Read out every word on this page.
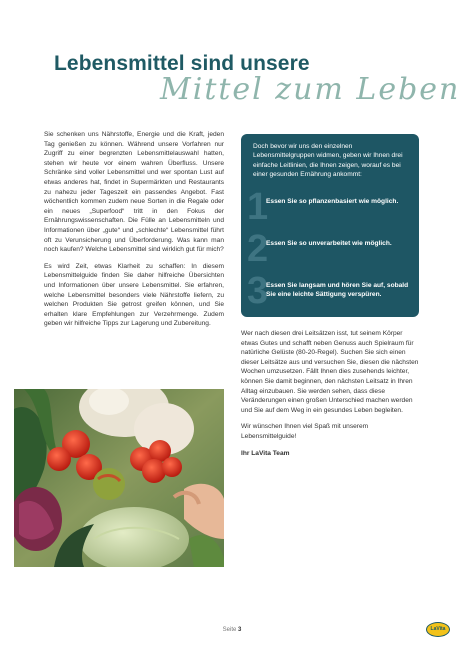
Lebensmittel sind unsere
Mittel zum Leben

Sie schenken uns Nährstoffe, Energie und die Kraft, jeden Tag genießen zu können. Während unsere Vorfahren nur Zugriff zu einer begrenzten Lebensmittelauswahl hatten, stehen wir heute vor einem wahren Überfluss. Unsere Schränke sind voller Lebensmittel und wer spontan Lust auf etwas anderes hat, findet in Supermärkten und Restaurants zu nahezu jeder Tageszeit ein passendes Angebot. Fast wöchentlich kommen zudem neue Sorten in die Regale oder ein neues „Superfood“ tritt in den Fokus der Ernährungswissenschaften. Die Fülle an Lebensmitteln und Informationen über „gute“ und „schlechte“ Lebensmittel führt oft zu Verunsicherung und Überforderung. Was kann man noch kaufen? Welche Lebensmittel sind wirklich gut für mich?

Es wird Zeit, etwas Klarheit zu schaffen: In diesem Lebensmittelguide finden Sie daher hilfreiche Übersichten und Informationen über unsere Lebensmittel. Sie erfahren, welche Lebensmittel besonders viele Nährstoffe liefern, zu welchen Produkten Sie getrost greifen können, und Sie erhalten klare Empfehlungen zur Verzehrmenge. Zudem geben wir hilfreiche Tipps zur Lagerung und Zubereitung.

Doch bevor wir uns den einzelnen Lebensmittelgruppen widmen, geben wir Ihnen drei einfache Leitlinien, die Ihnen zeigen, worauf es bei einer gesunden Ernährung ankommt:

1
Essen Sie so pflanzenbasiert wie möglich.
2
Essen Sie so unverarbeitet wie möglich.
3
Essen Sie langsam und hören Sie auf, sobald Sie eine leichte Sättigung verspüren.

Wer nach diesen drei Leitsätzen isst, tut seinem Körper etwas Gutes und schafft neben Genuss auch Spielraum für natürliche Gelüste (80-20-Regel). Suchen Sie sich einen dieser Leitsätze aus und versuchen Sie, diesen die nächsten Wochen umzusetzen. Fällt Ihnen dies zusehends leichter, können Sie damit beginnen, den nächsten Leitsatz in Ihren Alltag einzubauen. Sie werden sehen, dass diese Veränderungen einen großen Unterschied machen werden und Sie auf dem Weg in ein gesundes Leben begleiten.

Wir wünschen Ihnen viel Spaß mit unserem Lebensmittelguide!

Ihr LaVita Team

© iStock.com/Drazen Zigic
Seite 3	LaVita
